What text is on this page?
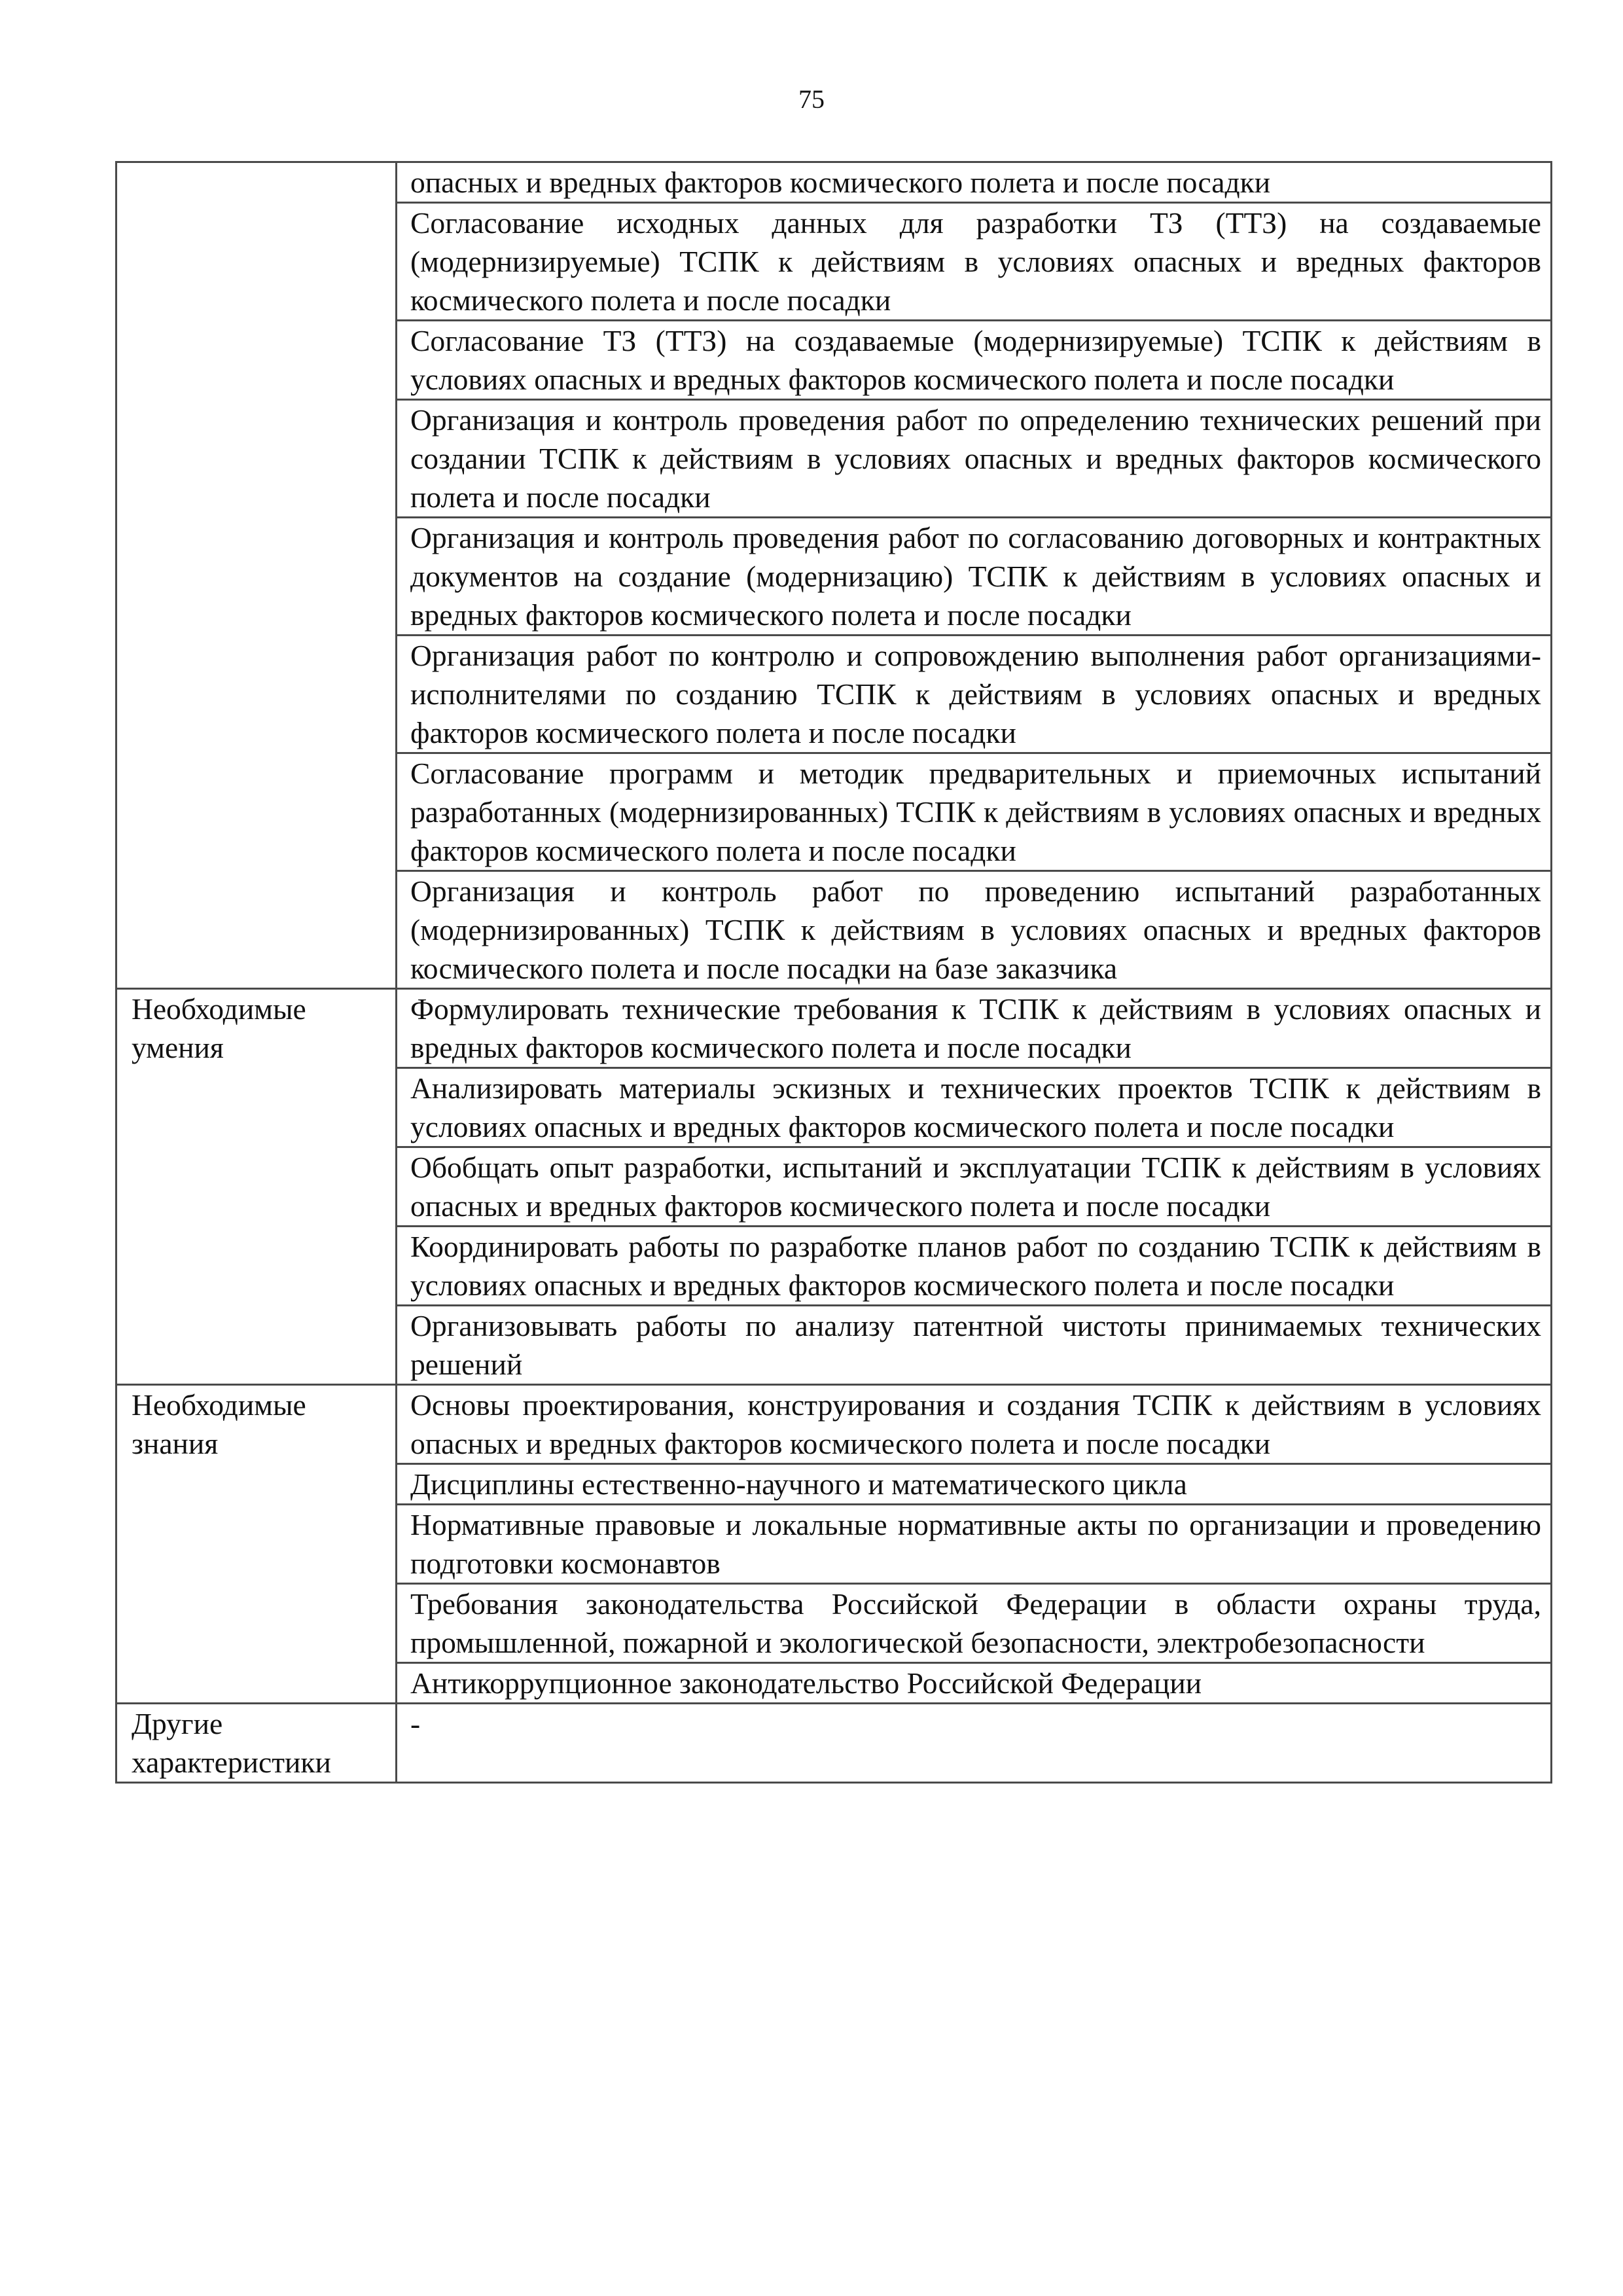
75
	опасных и вредных факторов космического полета и после посадки
	Согласование исходных данных для разработки ТЗ (ТТЗ) на создаваемые (модернизируемые) ТСПК к действиям в условиях опасных и вредных факторов космического полета и после посадки
	Согласование ТЗ (ТТЗ) на создаваемые (модернизируемые) ТСПК к действиям в условиях опасных и вредных факторов космического полета и после посадки
	Организация и контроль проведения работ по определению технических решений при создании ТСПК к действиям в условиях опасных и вредных факторов космического полета и после посадки
	Организация и контроль проведения работ по согласованию договорных и контрактных документов на создание (модернизацию) ТСПК к действиям в условиях опасных и вредных факторов космического полета и после посадки
	Организация работ по контролю и сопровождению выполнения работ организациями-исполнителями по созданию ТСПК к действиям в условиях опасных и вредных факторов космического полета и после посадки
	Согласование программ и методик предварительных и приемочных испытаний разработанных (модернизированных) ТСПК к действиям в условиях опасных и вредных факторов космического полета и после посадки
	Организация и контроль работ по проведению испытаний разработанных (модернизированных) ТСПК к действиям в условиях опасных и вредных факторов космического полета и после посадки на базе заказчика
Необходимые умения	Формулировать технические требования к ТСПК к действиям в условиях опасных и вредных факторов космического полета и после посадки
	Анализировать материалы эскизных и технических проектов ТСПК к действиям в условиях опасных и вредных факторов космического полета и после посадки
	Обобщать опыт разработки, испытаний и эксплуатации ТСПК к действиям в условиях опасных и вредных факторов космического полета и после посадки
	Координировать работы по разработке планов работ по созданию ТСПК к действиям в условиях опасных и вредных факторов космического полета и после посадки
	Организовывать работы по анализу патентной чистоты принимаемых технических решений
Необходимые знания	Основы проектирования, конструирования и создания ТСПК к действиям в условиях опасных и вредных факторов космического полета и после посадки
	Дисциплины естественно-научного и математического цикла
	Нормативные правовые и локальные нормативные акты по организации и проведению подготовки космонавтов
	Требования законодательства Российской Федерации в области охраны труда, промышленной, пожарной и экологической безопасности, электробезопасности
	Антикоррупционное законодательство Российской Федерации
Другие характеристики	-
